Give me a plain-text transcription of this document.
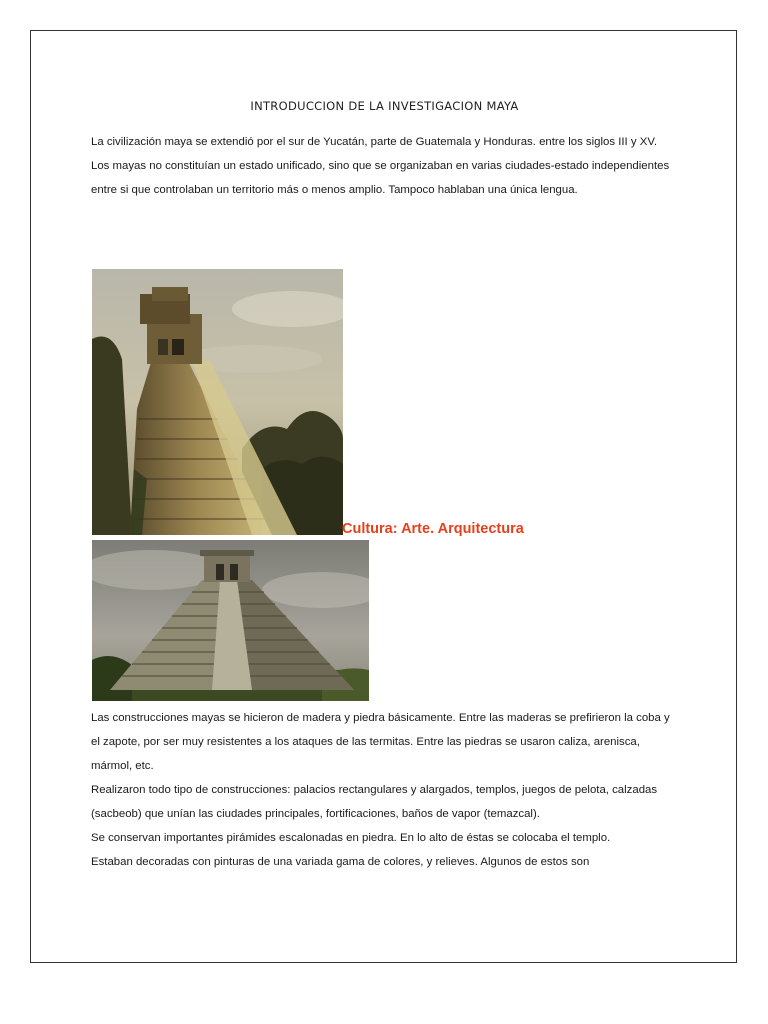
INTRODUCCION DE LA INVESTIGACION MAYA

La civilización maya se extendió por el sur de Yucatán, parte de Guatemala y Honduras. entre los siglos III y XV.

Los mayas no constituían un estado unificado, sino que se organizaban en varias ciudades-estado independientes entre si que controlaban un territorio más o menos amplio. Tampoco hablaban una única lengua.

Cultura: Arte. Arquitectura

Las construcciones mayas se hicieron de madera y piedra básicamente. Entre las maderas se prefirieron la coba y el zapote, por ser muy resistentes a los ataques de las termitas. Entre las piedras se usaron caliza, arenisca, mármol, etc.

Realizaron todo tipo de construcciones: palacios rectangulares y alargados, templos, juegos de pelota, calzadas (sacbeob) que unían las ciudades principales, fortificaciones, baños de vapor (temazcal).

Se conservan importantes pirámides escalonadas en piedra. En lo alto de éstas se colocaba el templo.

Estaban decoradas con pinturas de una variada gama de colores, y relieves. Algunos de estos son
